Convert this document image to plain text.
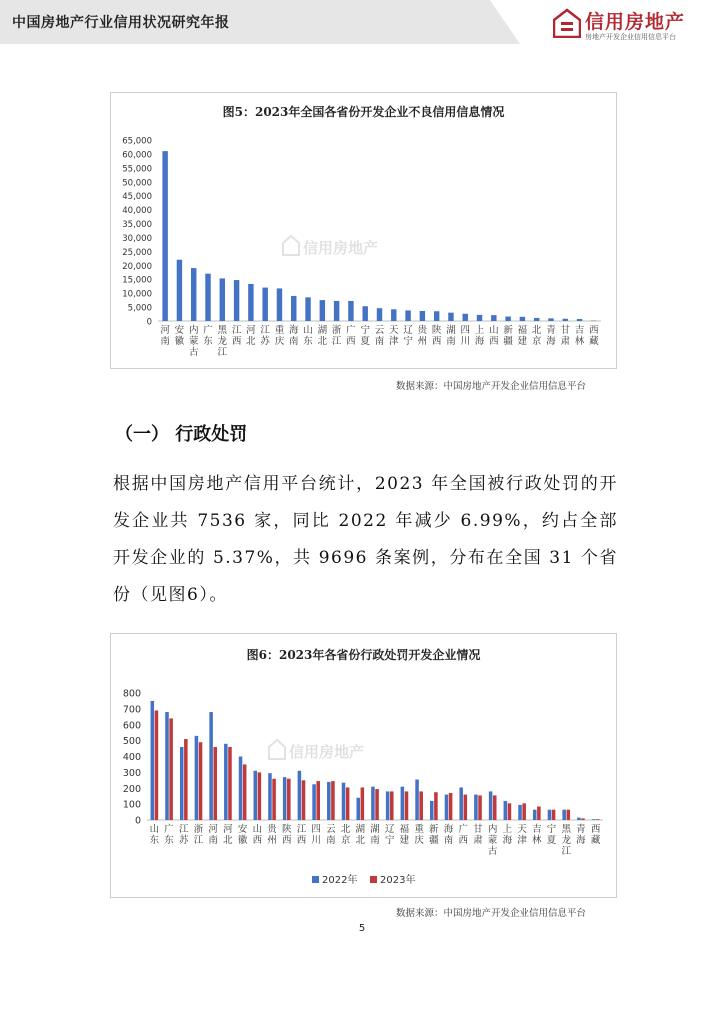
中国房地产行业信用状况研究年报	信用房地产
房地产开发企业信用信息平台
图5：2023年全国各省份开发企业不良信用信息情况
0
5,000
10,000
15,000
20,000
25,000
30,000
35,000
40,000
45,000
50,000
55,000
60,000
65,000
信用房地产
河南
安徽
内蒙古
广东
黑龙江
江西
河北
江苏
重庆
海南
山东
湖北
浙江
广西
宁夏
云南
天津
辽宁
贵州
陕西
湖南
四川
上海
山西
新疆
福建
北京
青海
甘肃
吉林
西藏
数据来源：中国房地产开发企业信用信息平台
（一） 行政处罚
根据中国房地产信用平台统计，2023 年全国被行政处罚的开发企业共 7536 家，同比 2022 年减少 6.99%，约占全部开发企业的 5.37%，共 9696 条案例，分布在全国 31 个省份（见图6）。
图6：2023年各省份行政处罚开发企业情况
0
100
200
300
400
500
600
700
800
信用房地产
山东
广东
江苏
浙江
河南
河北
安徽
山西
贵州
陕西
江西
四川
云南
北京
湖北
湖南
辽宁
福建
重庆
新疆
海南
广西
甘肃
内蒙古
上海
天津
吉林
宁夏
黑龙江
青海
西藏
2022年 2023年
数据来源：中国房地产开发企业信用信息平台
5
